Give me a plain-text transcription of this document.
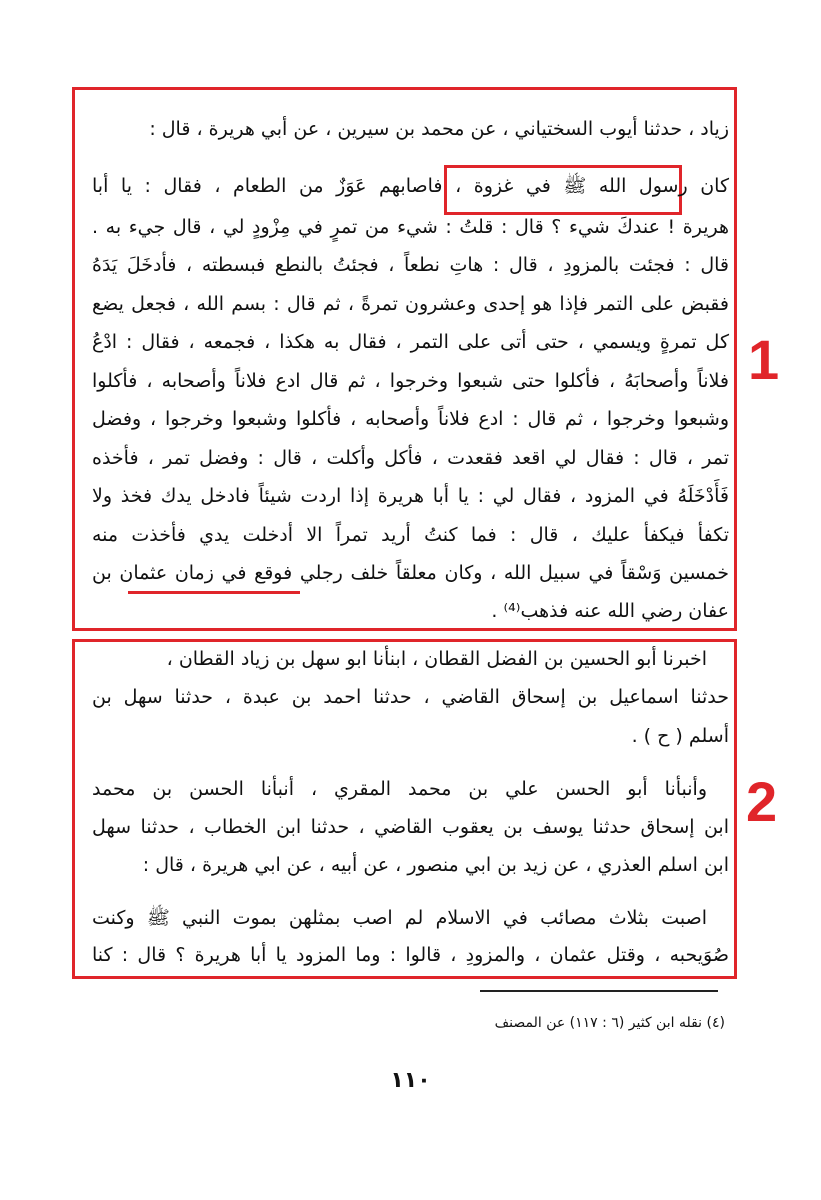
1
2
زياد ، حدثنا أيوب السختياني ، عن محمد بن سيرين ، عن أبي هريرة ، قال :
كان رسول الله ﷺ في غزوة ، فاصابهم عَوَزٌ من الطعام ، فقال : يا أبا
هريرة ! عندكَ شيء ؟ قال : قلتُ : شيء من تمرٍ في مِزْودٍ لي ، قال جيء به .
قال : فجئت بالمزودِ ، قال : هاتِ نطعاً ، فجئتُ بالنطع فبسطته ، فأدخَلَ يَدَهُ
فقبض على التمر فإذا هو إحدى وعشرون تمرةً ، ثم قال : بسم الله ، فجعل يضع
كل تمرةٍ ويسمي ، حتى أتى على التمر ، فقال به هكذا ، فجمعه ، فقال : ادْعُ
فلاناً وأصحابَهُ ، فأكلوا حتى شبعوا وخرجوا ، ثم قال ادع فلاناً وأصحابه ، فأكلوا
وشبعوا وخرجوا ، ثم قال : ادع فلاناً وأصحابه ، فأكلوا وشبعوا وخرجوا ، وفضل
تمر ، قال : فقال لي اقعد فقعدت ، فأكل وأكلت ، قال : وفضل تمر ، فأخذه
فَأَدْخَلَهُ في المزود ، فقال لي : يا أبا هريرة إذا اردت شيئاً فادخل يدك فخذ ولا
تكفأ فيكفأ عليك ، قال : فما كنتُ أريد تمراً الا أدخلت يدي فأخذت منه
خمسين وَسْقاً في سبيل الله ، وكان معلقاً خلف رجلي فوقع في زمان عثمان بن
عفان رضي الله عنه فذهب⁽⁴⁾ .
اخبرنا أبو الحسين بن الفضل القطان ، ابنأنا ابو سهل بن زياد القطان ،
حدثنا اسماعيل بن إسحاق القاضي ، حدثنا احمد بن عبدة ، حدثنا سهل بن
أسلم ( ح ) .
وأنبأنا أبو الحسن علي بن محمد المقري ، أنبأنا الحسن بن محمد
ابن إسحاق حدثنا يوسف بن يعقوب القاضي ، حدثنا ابن الخطاب ، حدثنا سهل
ابن اسلم العذري ، عن زيد بن ابي منصور ، عن أبيه ، عن ابي هريرة ، قال :
اصبت بثلاث مصائب في الاسلام لم اصب بمثلهن بموت النبي ﷺ وكنت
صُوَيحبه ، وقتل عثمان ، والمزودِ ، قالوا : وما المزود يا أبا هريرة ؟ قال : كنا
(٤) نقله ابن كثير (٦ : ١١٧) عن المصنف
١١٠
